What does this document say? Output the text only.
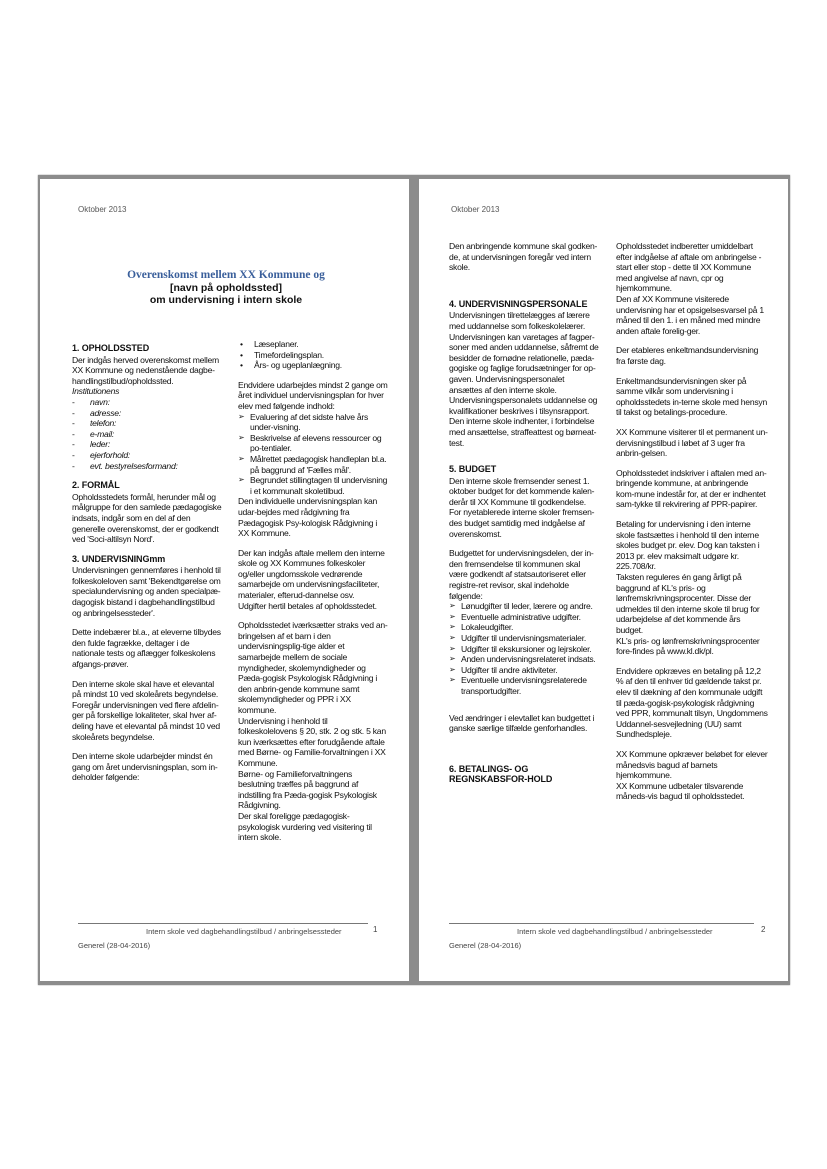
Oktober 2013
Overenskomst mellem XX Kommune og
[navn på opholdssted]
om undervisning i intern skole
1. OPHOLDSSTED

Der indgås herved overenskomst mellem XX Kommune og nedenstående dagbe-handlingstilbud/opholdssted.

Institutionens
- navn:
- adresse:
- telefon:
- e-mail:
- leder:
- ejerforhold:
- evt. bestyrelsesformand:
2. FORMÅL

Opholdsstedets formål, herunder mål og målgruppe for den samlede pædagogiske indsats, indgår som en del af den generelle overenskomst, der er godkendt ved 'Soci-altilsyn Nord'.

3. UNDERVISNINGmm

Undervisningen gennemføres i henhold til folkeskoleloven samt 'Bekendtgørelse om specialundervisning og anden specialpæ-dagogisk bistand i dagbehandlingstilbud og anbringelsessteder'.

Dette indebærer bl.a., at eleverne tilbydes den fulde fagrække, deltager i de nationale tests og aflægger folkeskolens afgangs-prøver.

Den interne skole skal have et elevantal på mindst 10 ved skoleårets begyndelse. Foregår undervisningen ved flere afdelin-ger på forskellige lokaliteter, skal hver af-deling have et elevantal på mindst 10 ved skoleårets begyndelse.

Den interne skole udarbejder mindst én gang om året undervisningsplan, som in-deholder følgende:

• Læseplaner.
• Timefordelingsplan.
• Års- og ugeplanlægning.

Endvidere udarbejdes mindst 2 gange om året individuel undervisningsplan for hver elev med følgende indhold:

➢ Evaluering af det sidste halve års under-visning.
➢ Beskrivelse af elevens ressourcer og po-tentialer.
➢ Målrettet pædagogisk handleplan bl.a. på baggrund af 'Fælles mål'.
➢ Begrundet stillingtagen til undervisning i et kommunalt skoletilbud.

Den individuelle undervisningsplan kan udar-bejdes med rådgivning fra Pædagogisk Psy-kologisk Rådgivning i XX Kommune.

Der kan indgås aftale mellem den interne skole og XX Kommunes folkeskoler og/eller ungdomsskole vedrørende samarbejde om undervisningsfaciliteter, materialer, efterud-dannelse osv.

Udgifter hertil betales af opholdsstedet.

Opholdsstedet iværksætter straks ved an-bringelsen af et barn i den undervisningsplig-tige alder et samarbejde mellem de sociale myndigheder, skolemyndigheder og Pæda-gogisk Psykologisk Rådgivning i den anbrin-gende kommune samt skolemyndigheder og PPR i XX kommune.

Undervisning i henhold til folkeskolelovens § 20, stk. 2 og stk. 5 kan kun iværksættes efter forudgående aftale med Børne- og Familie-forvaltningen i XX Kommune.

Børne- og Familieforvaltningens beslutning træffes på baggrund af indstilling fra Pæda-gogisk Psykologisk Rådgivning.

Der skal foreligge pædagogisk-psykologisk vurdering ved visitering til intern skole.

Intern skole ved dagbehandlingstilbud / anbringelsessteder	1
Generel (28-04-2016)
Oktober 2013

Den anbringende kommune skal godken-de, at undervisningen foregår ved intern skole.

4. UNDERVISNINGSPERSONALE

Undervisningen tilrettelægges af lærere med uddannelse som folkeskolelærer.

Undervisningen kan varetages af fagper-soner med anden uddannelse, såfremt de besidder de fornødne relationelle, pæda-gogiske og faglige forudsætninger for op-gaven. Undervisningspersonalet ansættes af den interne skole.

Undervisningspersonalets uddannelse og kvalifikationer beskrives i tilsynsrapport.

Den interne skole indhenter, i forbindelse med ansættelse, straffeattest og børneat-test.

5. BUDGET

Den interne skole fremsender senest 1. oktober budget for det kommende kalen-derår til XX Kommune til godkendelse. For nyetablerede interne skoler fremsen-des budget samtidig med indgåelse af overenskomst.

Budgettet for undervisningsdelen, der in-den fremsendelse til kommunen skal være godkendt af statsautoriseret eller registre-ret revisor, skal indeholde følgende:

➢ Lønudgifter til leder, lærere og andre.
➢ Eventuelle administrative udgifter.
➢ Lokaleudgifter.
➢ Udgifter til undervisningsmaterialer.
➢ Udgifter til ekskursioner og lejrskoler.
➢ Anden undervisningsrelateret indsats.
➢ Udgifter til andre aktiviteter.
➢ Eventuelle undervisningsrelaterede transportudgifter.

Ved ændringer i elevtallet kan budgettet i ganske særlige tilfælde genforhandles.

6. BETALINGS- OG REGNSKABSFOR-HOLD

Opholdsstedet indberetter umiddelbart efter indgåelse af aftale om anbringelse - start eller stop - dette til XX Kommune med angivelse af navn, cpr og hjemkommune.

Den af XX Kommune visiterede undervisning har et opsigelsesvarsel på 1 måned til den 1. i en måned med mindre anden aftale forelig-ger.

Der etableres enkeltmandsundervisning fra første dag.

Enkeltmandsundervisningen sker på samme vilkår som undervisning i opholdsstedets in-terne skole med hensyn til takst og betalings-procedure.

XX Kommune visiterer til et permanent un-dervisningstilbud i løbet af 3 uger fra anbrin-gelsen.

Opholdsstedet indskriver i aftalen med an-bringende kommune, at anbringende kom-mune indestår for, at der er indhentet sam-tykke til rekvirering af PPR-papirer.

Betaling for undervisning i den interne skole fastsættes i henhold til den interne skoles budget pr. elev. Dog kan taksten i 2013 pr. elev maksimalt udgøre kr. 225.708/kr.

Taksten reguleres én gang årligt på baggrund af KL's pris- og lønfremskrivningsprocenter. Disse der udmeldes til den interne skole til brug for udarbejdelse af det kommende års budget.

KL's pris- og lønfremskrivningsprocenter fore-findes på www.kl.dk/pl.

Endvidere opkræves en betaling på 12,2 % af den til enhver tid gældende takst pr. elev til dækning af den kommunale udgift til pæda-gogisk-psykologisk rådgivning ved PPR, kommunalt tilsyn, Ungdommens Uddannel-sesvejledning (UU) samt Sundhedspleje.

XX Kommune opkræver beløbet for elever månedsvis bagud af barnets hjemkommune.

XX Kommune udbetaler tilsvarende måneds-vis bagud til opholdsstedet.

Intern skole ved dagbehandlingstilbud / anbringelsessteder	2
Generel (28-04-2016)
